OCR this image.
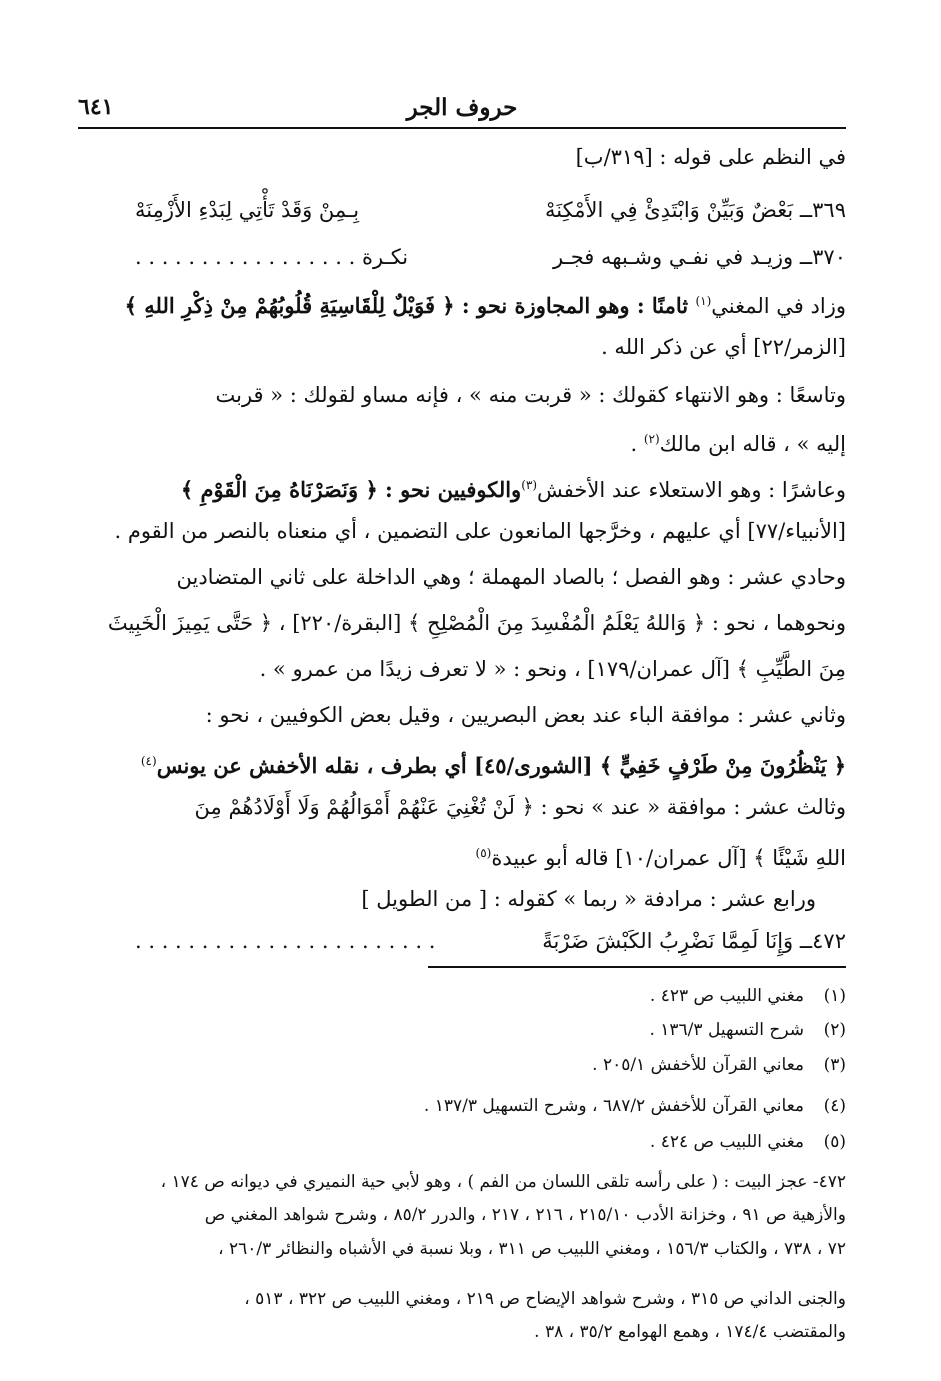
حروف الجر
٦٤١
في النظم على قوله : [٣١٩/ب]
٣٦٩ــ بَعْضٌ وَبَيِّنْ وَابْتَدِئْ فِي الأَمْكِنَهْ
بِـمِنْ وَقَدْ تَأْتِي لِبَدْءِ الأَزْمِنَهْ
٣٧٠ــ وزيـد في نفـي وشـبهه فجـر
نكـرة . . . . . . . . . . . . . . . . .
وزاد في المغني$^{(١)}$ ثامنًا : وهو المجاوزة نحو : ﴿ فَوَيْلٌ لِلْقَاسِيَةِ قُلُوبُهُمْ مِنْ ذِكْرِ اللهِ ﴾
[الزمر/٢٢] أي عن ذكر الله .
وتاسعًا : وهو الانتهاء كقولك : « قربت منه » ، فإنه مساو لقولك : « قربت
إليه » ، قاله ابن مالك$^{(٢)}$ .
وعاشرًا : وهو الاستعلاء عند الأخفش$^{(٣)}$والكوفيين نحو : ﴿ وَنَصَرْنَاهُ مِنَ الْقَوْمِ ﴾
[الأنبياء/٧٧] أي عليهم ، وخرَّجها المانعون على التضمين ، أي منعناه بالنصر من القوم .
وحادي عشر : وهو الفصل ؛ بالصاد المهملة ؛ وهي الداخلة على ثاني المتضادين
ونحوهما ، نحو : ﴿ وَاللهُ يَعْلَمُ الْمُفْسِدَ مِنَ الْمُصْلِحِ ﴾ [البقرة/٢٢٠] ، ﴿ حَتَّى يَمِيزَ الْخَبِيثَ
مِنَ الطَّيِّبِ ﴾ [آل عمران/١٧٩] ، ونحو : « لا تعرف زيدًا من عمرو » .
وثاني عشر : موافقة الباء عند بعض البصريين ، وقيل بعض الكوفيين ، نحو :
﴿ يَنْظُرُونَ مِنْ طَرْفٍ خَفِيٍّ ﴾ [الشورى/٤٥] أي بطرف ، نقله الأخفش عن يونس$^{(٤)}$
وثالث عشر : موافقة « عند » نحو : ﴿ لَنْ تُغْنِيَ عَنْهُمْ أَمْوَالُهُمْ وَلَا أَوْلَادُهُمْ مِنَ
اللهِ شَيْئًا ﴾ [آل عمران/١٠] قاله أبو عبيدة$^{(٥)}$
ورابع عشر : مرادفة « ربما » كقوله : [ من الطويل ]
٤٧٢ــ وَإِنَا لَمِمَّا نَضْرِبُ الكَبْشَ ضَرْبَةً
. . . . . . . . . . . . . . . . . . . . . . .
(١)مغني اللبيب ص ٤٢٣ .
(٢)شرح التسهيل ١٣٦/٣ .
(٣)معاني القرآن للأخفش ٢٠٥/١ .
(٤)معاني القرآن للأخفش ٦٨٧/٢ ، وشرح التسهيل ١٣٧/٣ .
(٥)مغني اللبيب ص ٤٢٤ .
٤٧٢- عجز البيت : ( على رأسه تلقى اللسان من الفم ) ، وهو لأبي حية النميري في ديوانه ص ١٧٤ ،
والأزهية ص ٩١ ، وخزانة الأدب ٢١٥/١٠ ، ٢١٦ ، ٢١٧ ، والدرر ٨٥/٢ ، وشرح شواهد المغني ص
٧٢ ، ٧٣٨ ، والكتاب ١٥٦/٣ ، ومغني اللبيب ص ٣١١ ، وبلا نسبة في الأشباه والنظائر ٢٦٠/٣ ،
والجنى الداني ص ٣١٥ ، وشرح شواهد الإيضاح ص ٢١٩ ، ومغني اللبيب ص ٣٢٢ ، ٥١٣ ،
والمقتضب ١٧٤/٤ ، وهمع الهوامع ٣٥/٢ ، ٣٨ .
